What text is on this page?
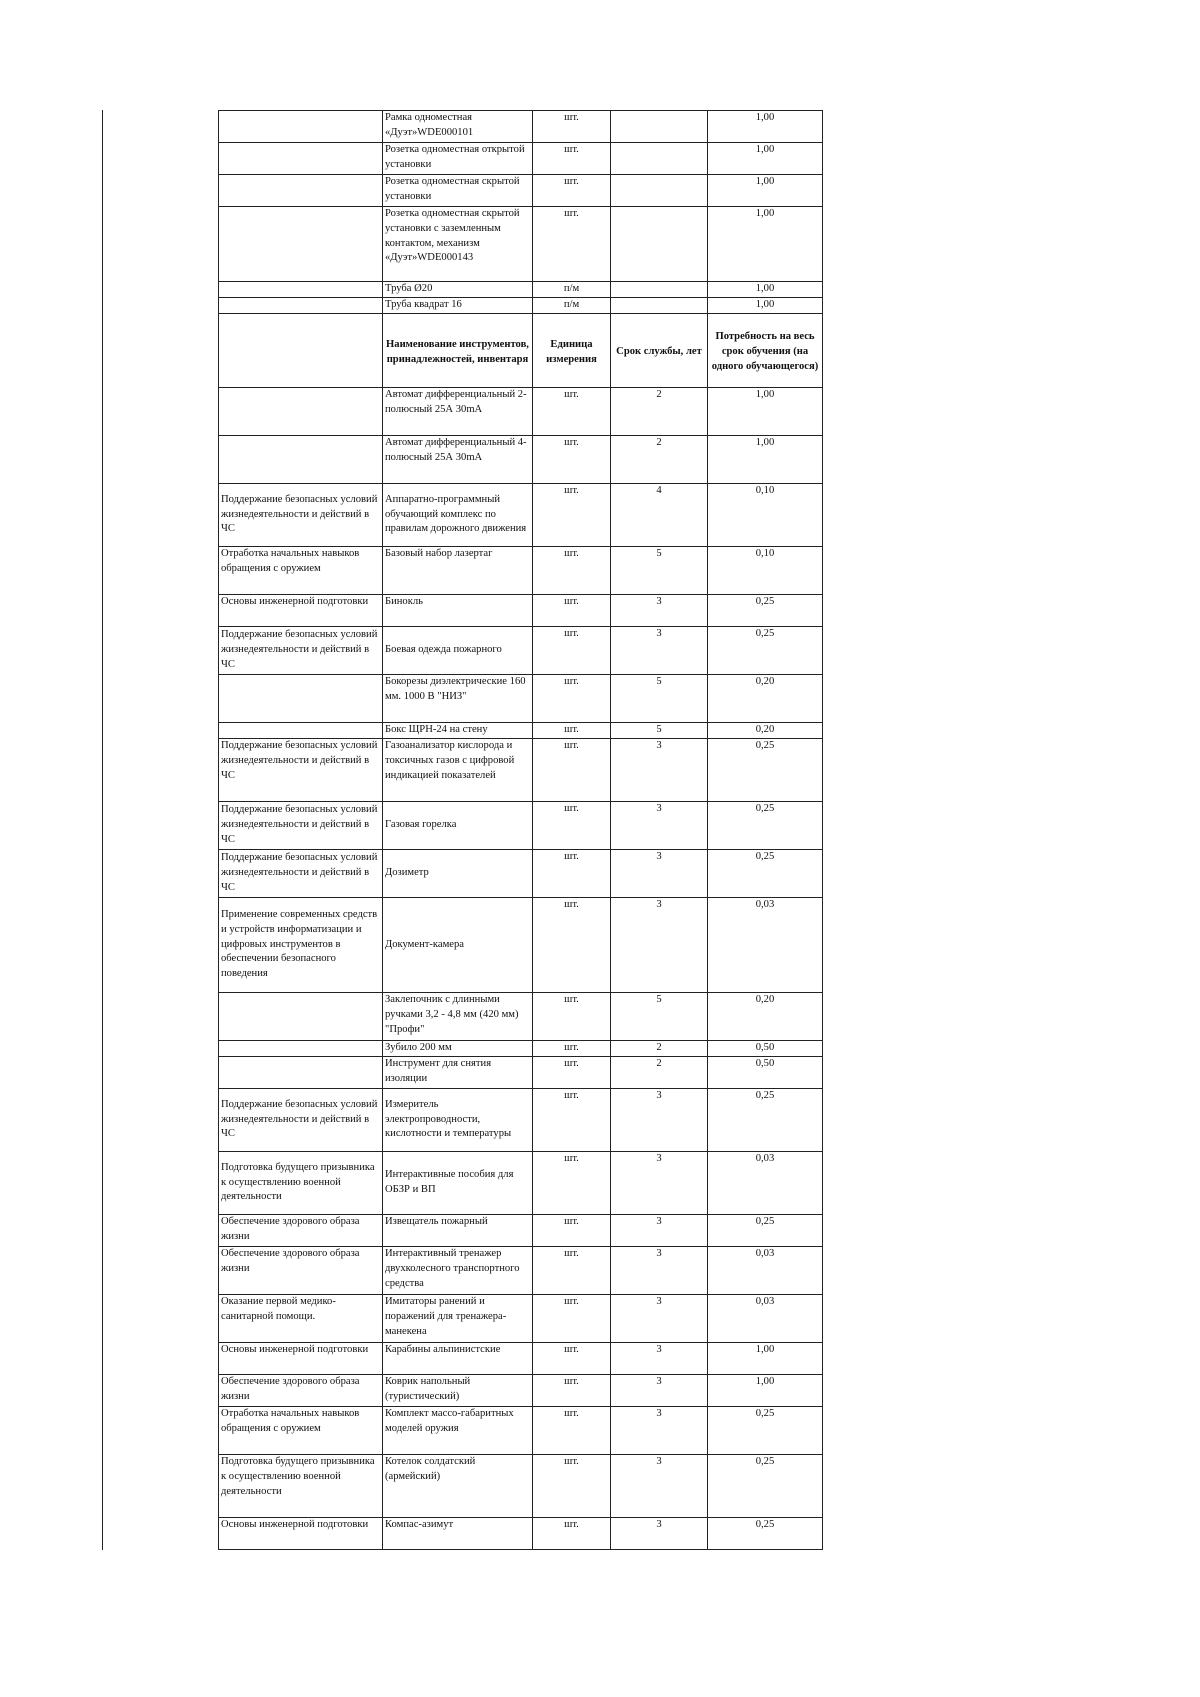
	Рамка одноместная «Дуэт»WDE000101	шт.		1,00
	Розетка одноместная открытой установки	шт.		1,00
	Розетка одноместная скрытой установки	шт.		1,00
	Розетка одноместная скрытой установки с заземленным контактом, механизм «Дуэт»WDE000143	шт.		1,00
	Труба Ø20	п/м		1,00
	Труба квадрат 16	п/м		1,00
	Наименование инструментов, принадлежностей, инвентаря	Единица измерения	Срок службы, лет	Потребность на весь срок обучения (на одного обучающегося)
	Автомат дифференциальный 2-полюсный 25А 30mA	шт.	2	1,00
	Автомат дифференциальный 4-полюсный 25А 30mA	шт.	2	1,00
Поддержание безопасных условий жизнедеятельности и действий в ЧС	Аппаратно-программный обучающий комплекс по правилам дорожного движения	шт.	4	0,10
Отработка начальных навыков обращения с оружием	Базовый набор лазертаг	шт.	5	0,10
Основы инженерной подготовки	Бинокль	шт.	3	0,25
Поддержание безопасных условий жизнедеятельности и действий в ЧС	Боевая одежда пожарного	шт.	3	0,25
	Бокорезы диэлектрические 160 мм. 1000 В "НИЗ"	шт.	5	0,20
	Бокс ЩРН-24 на стену	шт.	5	0,20
Поддержание безопасных условий жизнедеятельности и действий в ЧС	Газоанализатор кислорода и токсичных газов с цифровой индикацией показателей	шт.	3	0,25
Поддержание безопасных условий жизнедеятельности и действий в ЧС	Газовая горелка	шт.	3	0,25
Поддержание безопасных условий жизнедеятельности и действий в ЧС	Дозиметр	шт.	3	0,25
Применение современных средств и устройств информатизации и цифровых инструментов в обеспечении безопасного поведения	Документ-камера	шт.	3	0,03
	Заклепочник с длинными ручками 3,2 - 4,8 мм (420 мм) "Профи"	шт.	5	0,20
	Зубило 200 мм	шт.	2	0,50
	Инструмент для снятия изоляции	шт.	2	0,50
Поддержание безопасных условий жизнедеятельности и действий в ЧС	Измеритель электропроводности, кислотности и температуры	шт.	3	0,25
Подготовка будущего призывника к осуществлению военной деятельности	Интерактивные пособия для ОБЗР и ВП	шт.	3	0,03
Обеспечение здорового образа жизни	Извещатель пожарный	шт.	3	0,25
Обеспечение здорового образа жизни	Интерактивный тренажер двухколесного транспортного средства	шт.	3	0,03
Оказание первой медико-санитарной помощи.	Имитаторы ранений и поражений для тренажера-манекена	шт.	3	0,03
Основы инженерной подготовки	Карабины альпинистские	шт.	3	1,00
Обеспечение здорового образа жизни	Коврик напольный (туристический)	шт.	3	1,00
Отработка начальных навыков обращения с оружием	Комплект массо-габаритных моделей оружия	шт.	3	0,25
Подготовка будущего призывника к осуществлению военной деятельности	Котелок солдатский (армейский)	шт.	3	0,25
Основы инженерной подготовки	Компас-азимут	шт.	3	0,25
